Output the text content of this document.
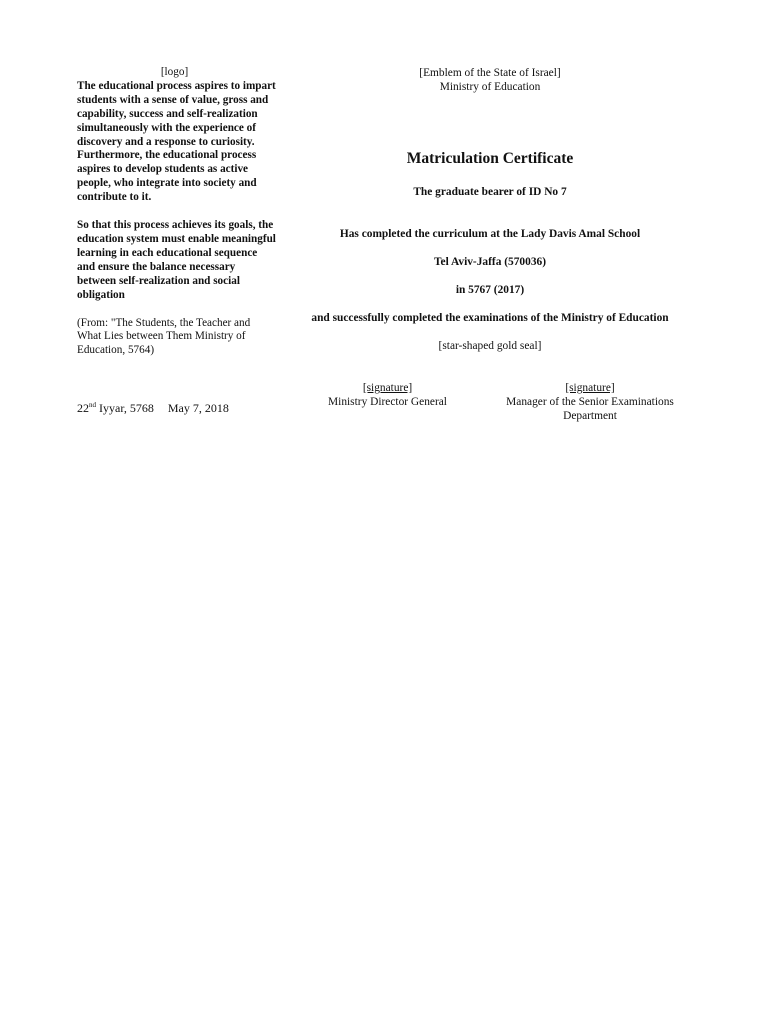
[logo]

The educational process aspires to impart students with a sense of value, gross and capability, success and self-realization simultaneously with the experience of discovery and a response to curiosity. Furthermore, the educational process aspires to develop students as active people, who integrate into society and contribute to it.

So that this process achieves its goals, the education system must enable meaningful learning in each educational sequence and ensure the balance necessary between self-realization and social obligation

(From: "The Students, the Teacher and What Lies between Them Ministry of Education, 5764)

22nd Iyyar, 5768 May 7, 2018
[Emblem of the State of Israel]
Ministry of Education
Matriculation Certificate
The graduate bearer of ID No 7
Has completed the curriculum at the Lady Davis Amal School
Tel Aviv-Jaffa (570036)
in 5767 (2017)
and successfully completed the examinations of the Ministry of Education
[star-shaped gold seal]
[signature]
Ministry Director General
[signature]
Manager of the Senior Examinations Department
